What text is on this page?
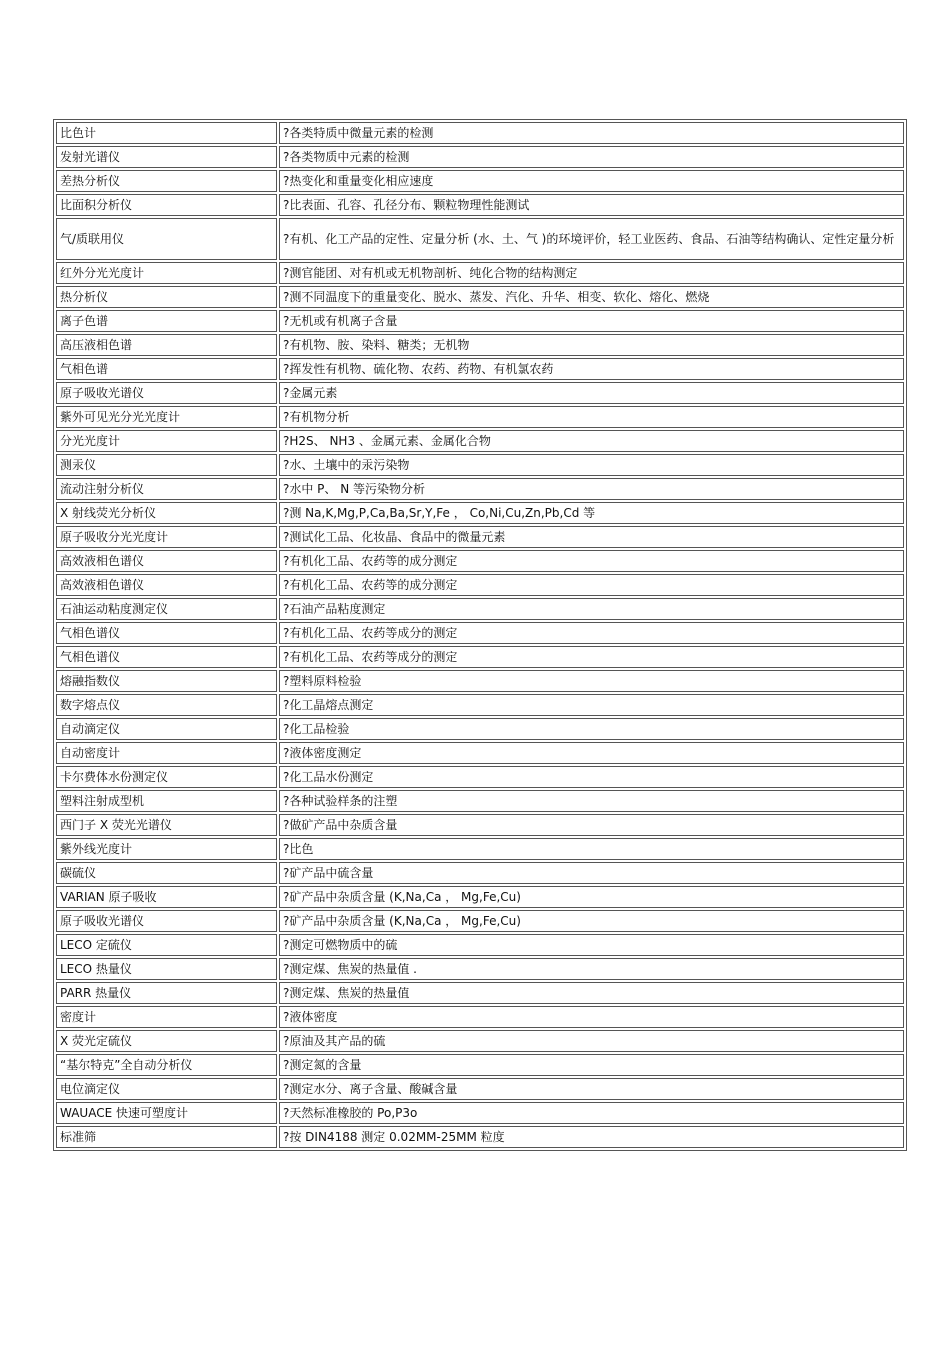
比色计	?各类特质中微量元素的检测
发射光谱仪	?各类物质中元素的检测
差热分析仪	?热变化和重量变化相应速度
比面积分析仪	?比表面、孔容、孔径分布、颗粒物理性能测试
气/质联用仪	?有机、化工产品的定性、定量分析 (水、土、气 )的环境评价，轻工业医药、食品、石油等结构确认、定性定量分析
红外分光光度计	?测官能团、对有机或无机物剖析、纯化合物的结构测定
热分析仪	?测不同温度下的重量变化、脱水、蒸发、汽化、升华、相变、软化、熔化、燃烧
离子色谱	?无机或有机离子含量
高压液相色谱	?有机物、胺、染料、糖类；无机物
气相色谱	?挥发性有机物、硫化物、农药、药物、有机氯农药
原子吸收光谱仪	?金属元素
紫外可见光分光光度计	?有机物分析
分光光度计	?H2S、 NH3 、金属元素、金属化合物
测汞仪	?水、土壤中的汞污染物
流动注射分析仪	?水中 P、 N 等污染物分析
X 射线荧光分析仪	?测 Na,K,Mg,P,Ca,Ba,Sr,Y,Fe ， Co,Ni,Cu,Zn,Pb,Cd 等
原子吸收分光光度计	?测试化工品、化妆晶、食品中的微量元素
高效液相色谱仪	?有机化工品、农药等的成分测定
高效液相色谱仪	?有机化工品、农药等的成分测定
石油运动粘度测定仪	?石油产品粘度测定
气相色谱仪	?有机化工品、农药等成分的测定
气相色谱仪	?有机化工品、农药等成分的测定
熔融指数仪	?塑料原料检验
数字熔点仪	?化工晶熔点测定
自动滴定仪	?化工品检验
自动密度计	?液体密度测定
卡尔费体水份测定仪	?化工品水份测定
塑料注射成型机	?各种试验样条的注塑
西门子 X 荧光光谱仪	?做矿产品中杂质含量
紫外线光度计	?比色
碳硫仪	?矿产品中硫含量
VARIAN 原子吸收	?矿产品中杂质含量 (K,Na,Ca ， Mg,Fe,Cu)
原子吸收光谱仪	?矿产品中杂质含量 (K,Na,Ca ， Mg,Fe,Cu)
LECO 定硫仪	?测定可燃物质中的硫
LECO 热量仪	?测定煤、焦炭的热量值 .
PARR 热量仪	?测定煤、焦炭的热量值
密度计	?液体密度
X 荧光定硫仪	?原油及其产品的硫
“基尔特克”全自动分析仪	?测定氮的含量
电位滴定仪	?测定水分、离子含量、酸碱含量
WAUACE 快速可塑度计	?天然标准橡胶的 Po,P3o
标准筛	?按 DIN4188 测定 0.02MM-25MM 粒度
